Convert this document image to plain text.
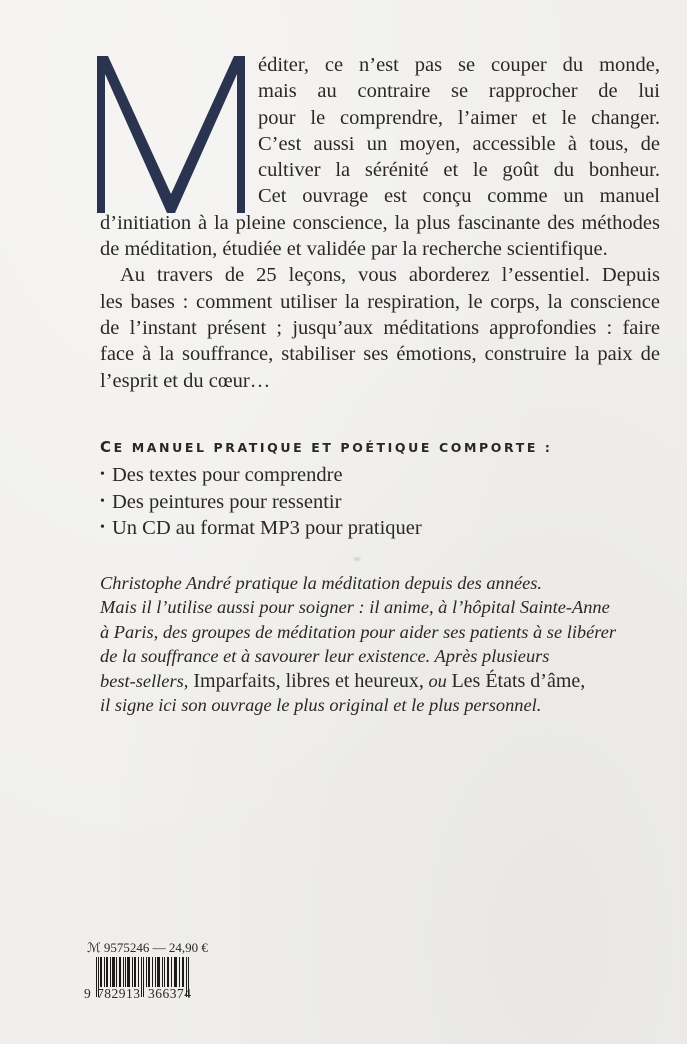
éditer, ce n’est pas se couper du monde,
mais au contraire se rapprocher de lui
pour le comprendre, l’aimer et le changer.
C’est aussi un moyen, accessible à tous, de
cultiver la sérénité et le goût du bonheur.
Cet ouvrage est conçu comme un manuel
d’initiation à la pleine conscience, la plus fascinante des méthodes
de méditation, étudiée et validée par la recherche scientifique.
Au travers de 25 leçons, vous aborderez l’essentiel. Depuis
les bases : comment utiliser la respiration, le corps, la conscience
de l’instant présent ; jusqu’aux méditations approfondies : faire
face à la souffrance, stabiliser ses émotions, construire la paix de
l’esprit et du cœur…
CE MANUEL PRATIQUE ET POÉTIQUE COMPORTE :
• Des textes pour comprendre
• Des peintures pour ressentir
• Un CD au format MP3 pour pratiquer
Christophe André pratique la méditation depuis des années.
Mais il l’utilise aussi pour soigner : il anime, à l’hôpital Sainte-Anne
à Paris, des groupes de méditation pour aider ses patients à se libérer
de la souffrance et à savourer leur existence. Après plusieurs
best-sellers, Imparfaits, libres et heureux, ou Les États d’âme,
il signe ici son ouvrage le plus original et le plus personnel.
ℳ 9575246 — 24,90 €
9 782913 366374
